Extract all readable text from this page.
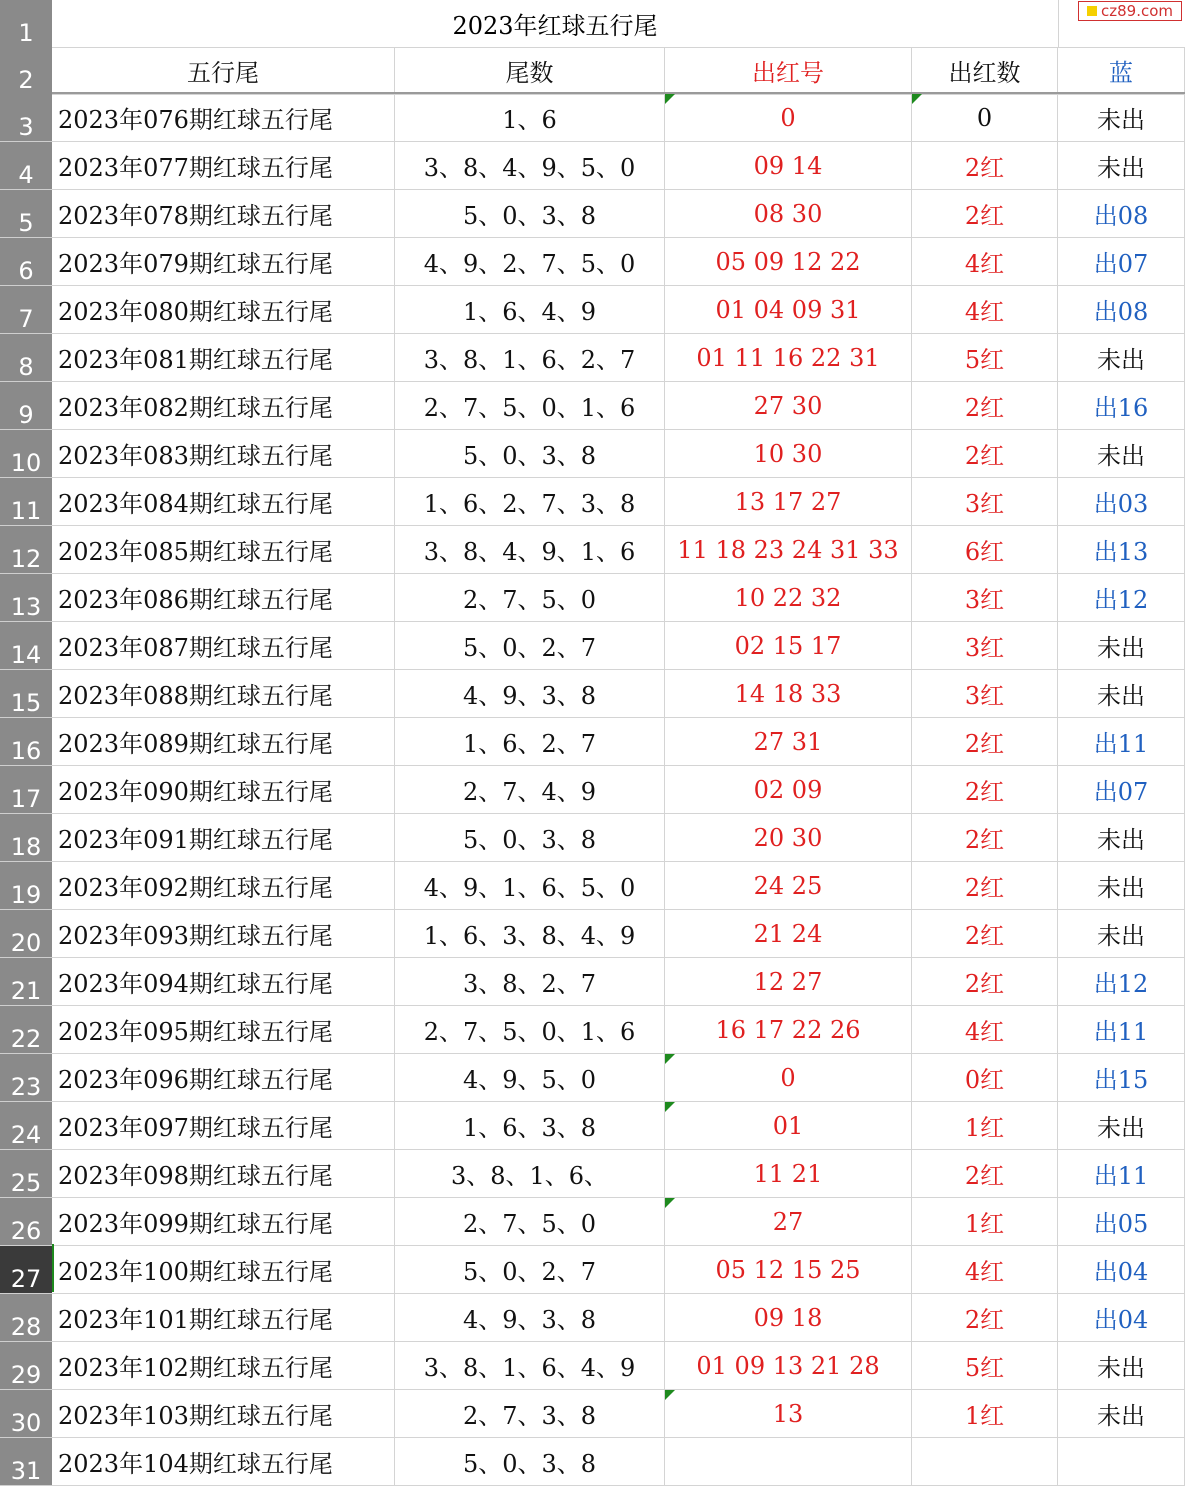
1	2023年红球五行尾
cz89.com
2	五行尾	尾数	出红号	出红数	蓝
3	2023年076期红球五行尾	1、6	0	0	未出
4	2023年077期红球五行尾	3、8、4、9、5、0	09 14	2红	未出
5	2023年078期红球五行尾	5、0、3、8	08 30	2红	出08
6	2023年079期红球五行尾	4、9、2、7、5、0	05 09 12 22	4红	出07
7	2023年080期红球五行尾	1、6、4、9	01 04 09 31	4红	出08
8	2023年081期红球五行尾	3、8、1、6、2、7	01 11 16 22 31	5红	未出
9	2023年082期红球五行尾	2、7、5、0、1、6	27 30	2红	出16
10 2023年083期红球五行尾	5、0、3、8	10 30	2红	未出
11 2023年084期红球五行尾	1、6、2、7、3、8	13 17 27	3红	出03
12 2023年085期红球五行尾	3、8、4、9、1、6	11 18 23 24 31 33	6红	出13
13 2023年086期红球五行尾	2、7、5、0	10 22 32	3红	出12
14 2023年087期红球五行尾	5、0、2、7	02 15 17	3红	未出
15 2023年088期红球五行尾	4、9、3、8	14 18 33	3红	未出
16 2023年089期红球五行尾	1、6、2、7	27 31	2红	出11
17 2023年090期红球五行尾	2、7、4、9	02 09	2红	出07
18 2023年091期红球五行尾	5、0、3、8	20 30	2红	未出
19 2023年092期红球五行尾	4、9、1、6、5、0	24 25	2红	未出
20 2023年093期红球五行尾	1、6、3、8、4、9	21 24	2红	未出
21 2023年094期红球五行尾	3、8、2、7	12 27	2红	出12
22 2023年095期红球五行尾	2、7、5、0、1、6	16 17 22 26	4红	出11
23 2023年096期红球五行尾	4、9、5、0	0	0红	出15
24 2023年097期红球五行尾	1、6、3、8	01	1红	未出
25 2023年098期红球五行尾	3、8、1、6、	11 21	2红	出11
26 2023年099期红球五行尾	2、7、5、0	27	1红	出05
27 2023年100期红球五行尾	5、0、2、7	05 12 15 25	4红	出04
28 2023年101期红球五行尾	4、9、3、8	09 18	2红	出04
29 2023年102期红球五行尾	3、8、1、6、4、9	01 09 13 21 28	5红	未出
30 2023年103期红球五行尾	2、7、3、8	13	1红	未出
31 2023年104期红球五行尾	5、0、3、8
